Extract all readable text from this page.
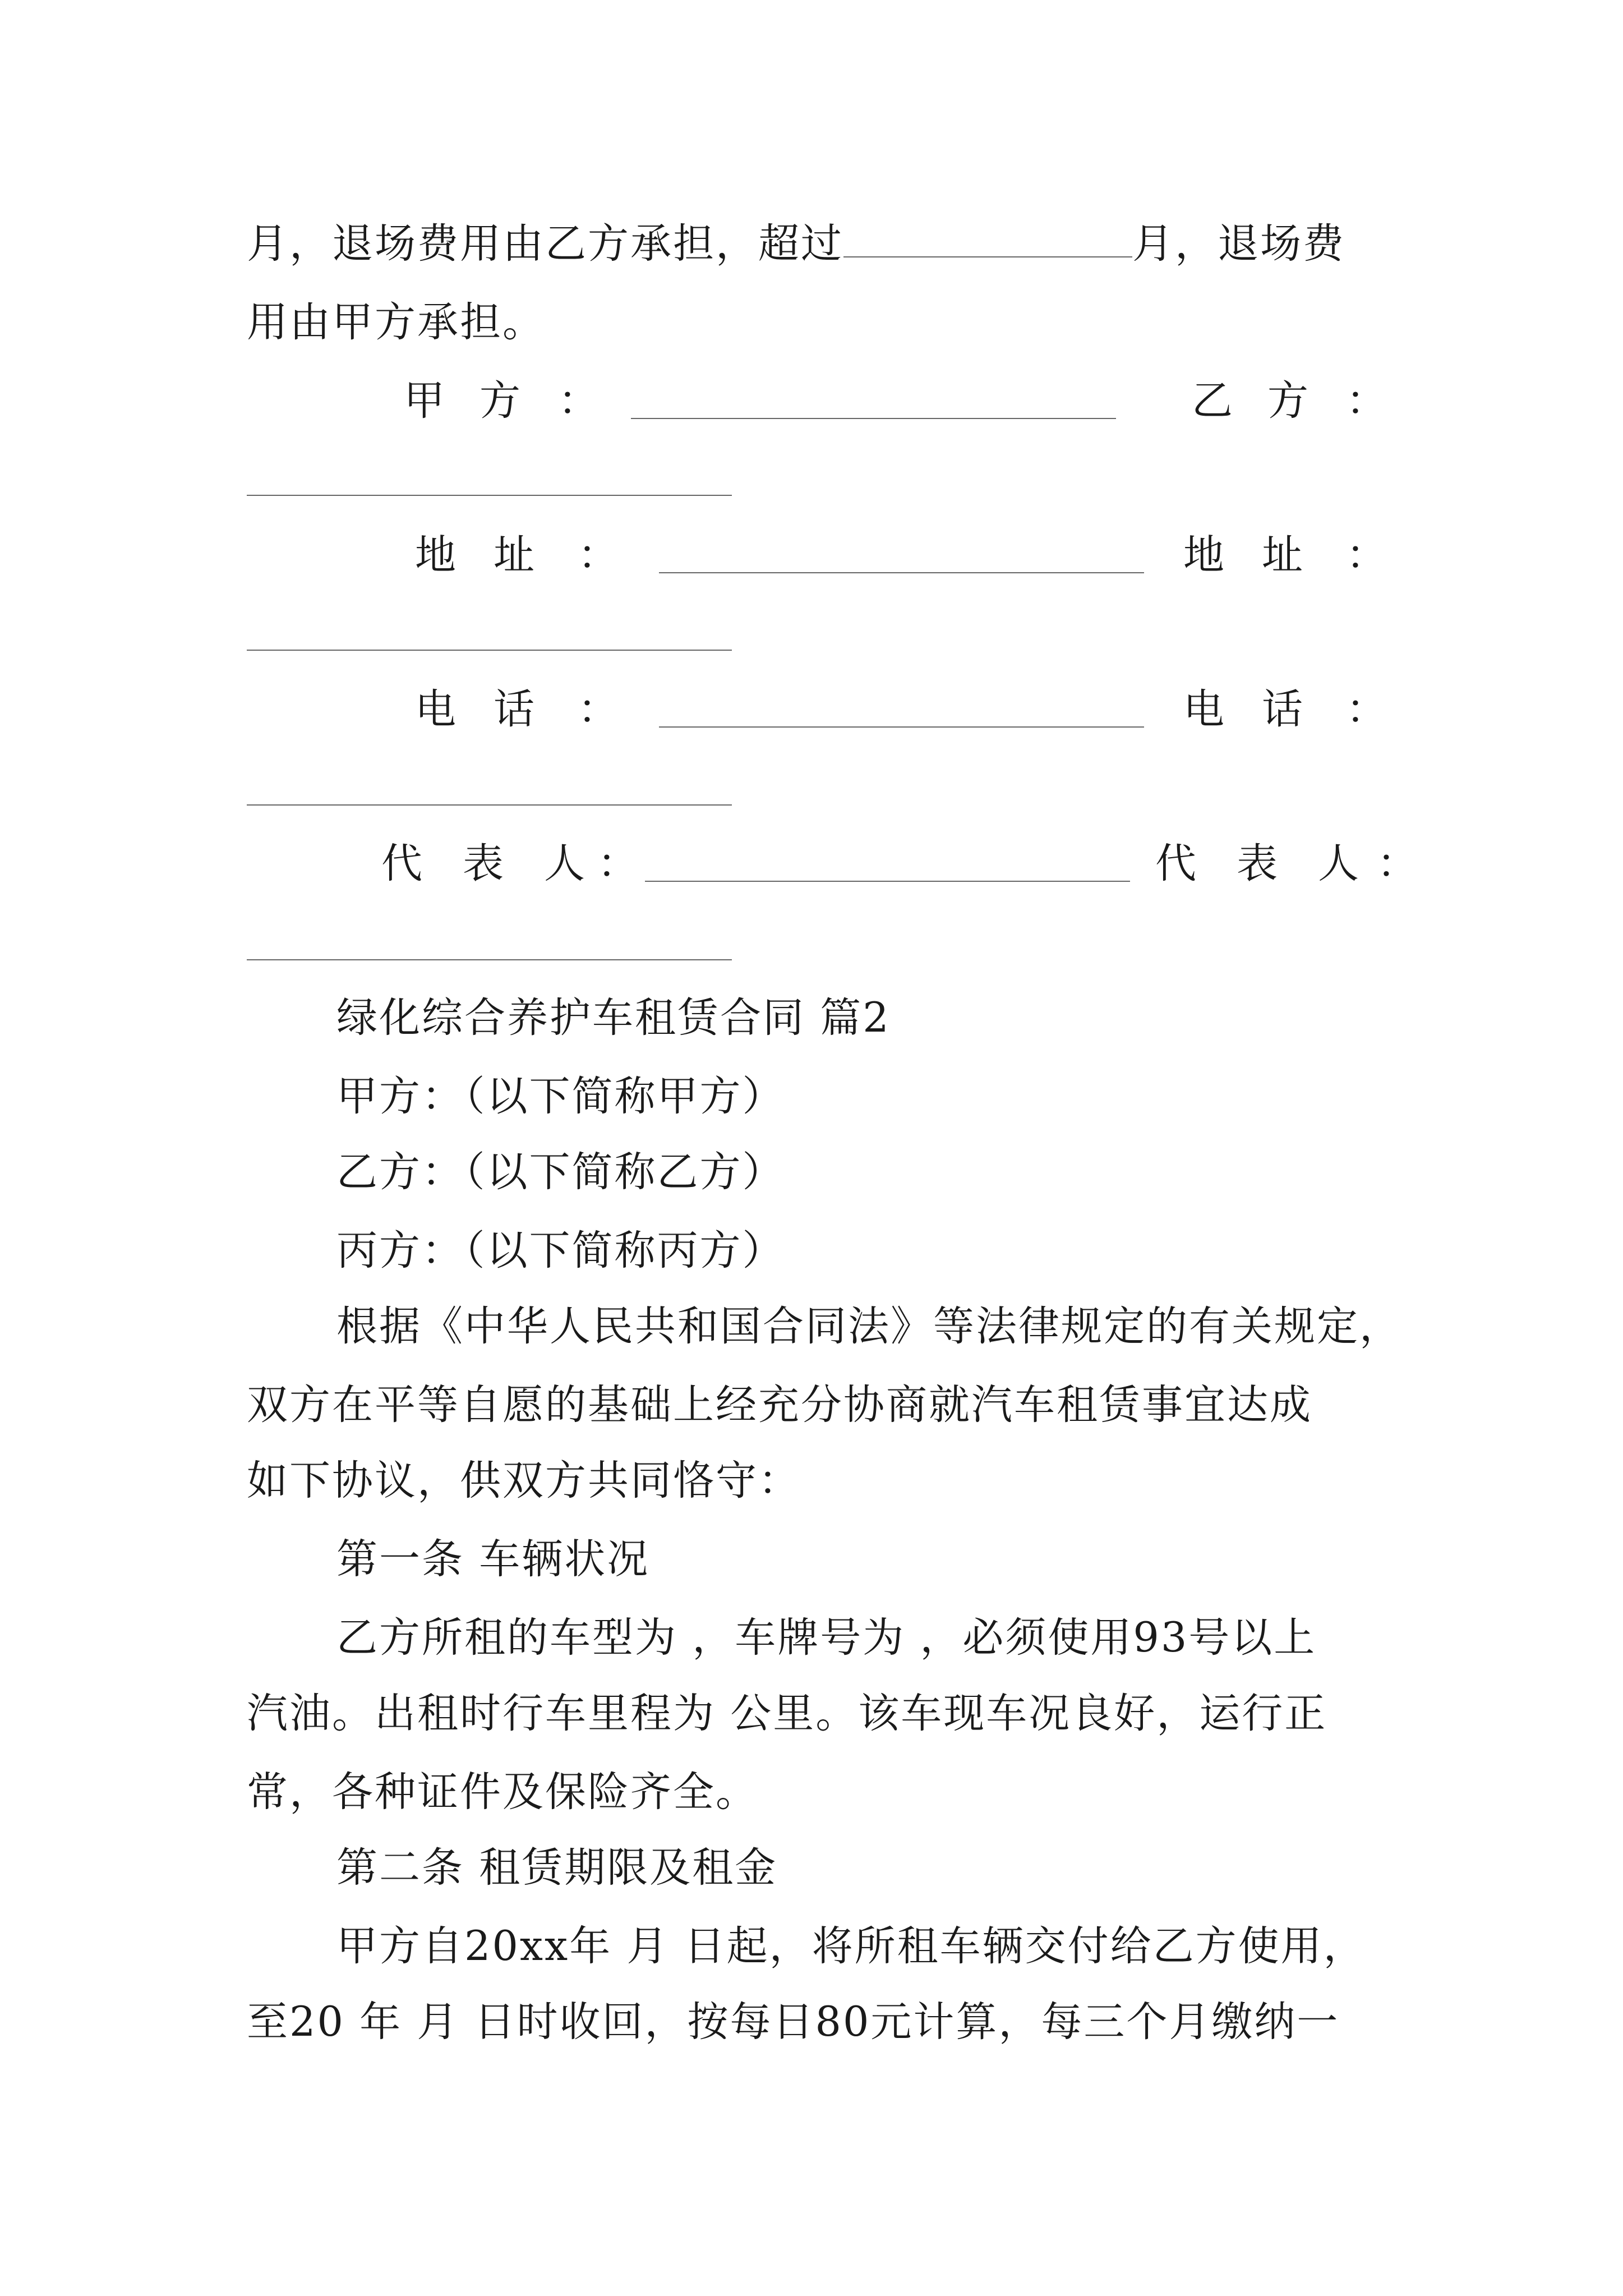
月，退场费用由乙方承担，超过	月，退场费
用由甲方承担。
甲 方 ：	乙 方 ：
地 址 ：	地 址 ：
电 话 ：	电 话 ：
代 表 人 ：	代 表 人 ：
绿化综合养护车租赁合同 篇2
甲方：（以下简称甲方）
乙方：（以下简称乙方）
丙方：（以下简称丙方）
根据《中华人民共和国合同法》等法律规定的有关规定，
双方在平等自愿的基础上经充分协商就汽车租赁事宜达成
如下协议，供双方共同恪守：
第一条 车辆状况
乙方所租的车型为 ，车牌号为 ，必须使用93号以上
汽油。出租时行车里程为 公里。该车现车况良好，运行正
常，各种证件及保险齐全。
第二条 租赁期限及租金
甲方自20xx年 月 日起，将所租车辆交付给乙方使用，
至20 年 月 日时收回，按每日80元计算，每三个月缴纳一
